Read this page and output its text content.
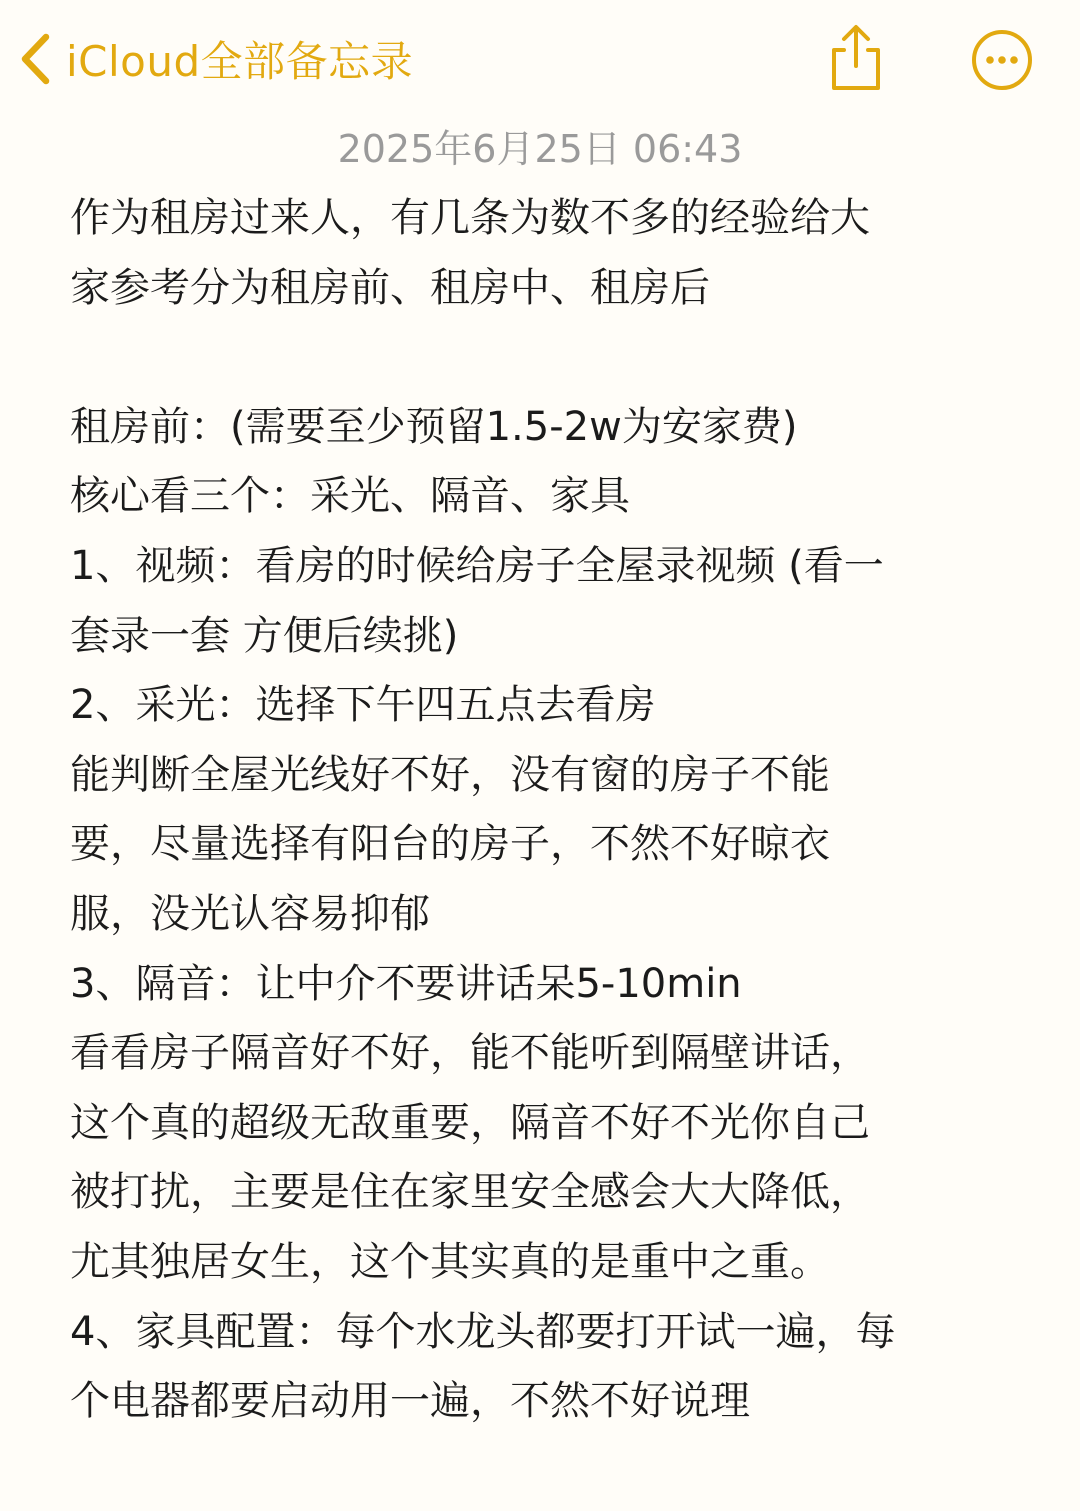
iCloud全部备忘录
2025年6月25日 06:43
作为租房过来人，有几条为数不多的经验给大
家参考分为租房前、租房中、租房后
租房前：(需要至少预留1.5-2w为安家费)
核心看三个：采光、隔音、家具
1、视频：看房的时候给房子全屋录视频 (看一
套录一套 方便后续挑)
2、采光：选择下午四五点去看房
能判断全屋光线好不好，没有窗的房子不能
要，尽量选择有阳台的房子，不然不好晾衣
服，没光认容易抑郁
3、隔音：让中介不要讲话呆5-10min
看看房子隔音好不好，能不能听到隔壁讲话，
这个真的超级无敌重要，隔音不好不光你自己
被打扰，主要是住在家里安全感会大大降低，
尤其独居女生，这个其实真的是重中之重。
4、家具配置：每个水龙头都要打开试一遍，每
个电器都要启动用一遍，不然不好说理
